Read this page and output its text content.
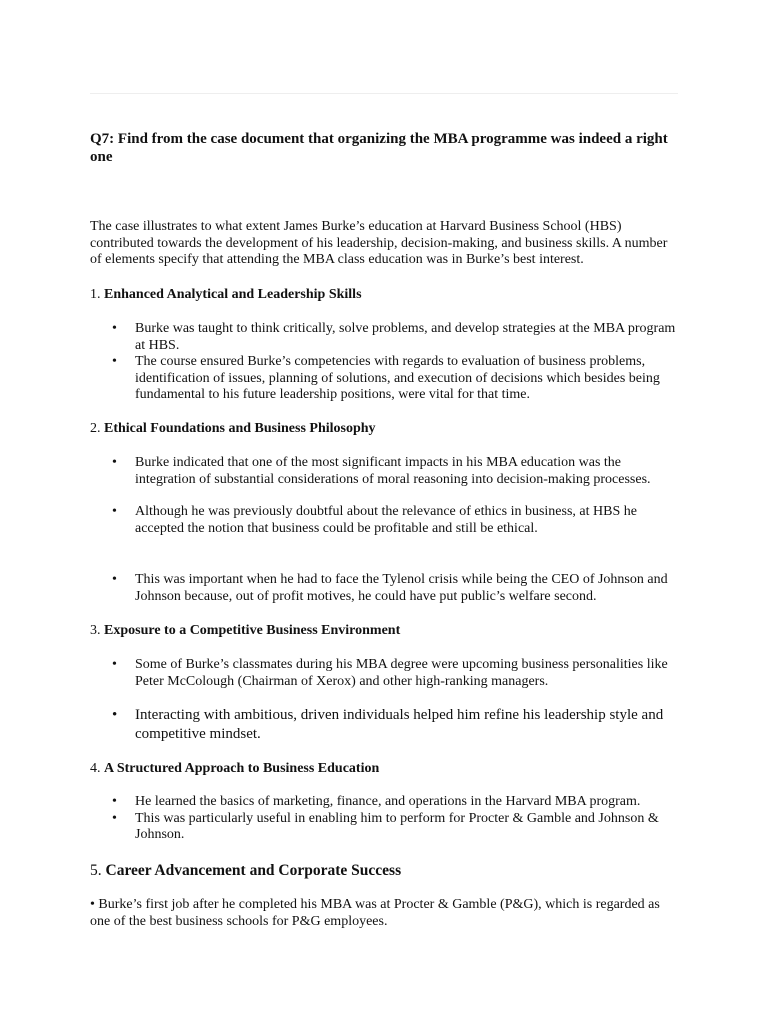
Q7: Find from the case document that organizing the MBA programme was indeed a right one
The case illustrates to what extent James Burke’s education at Harvard Business School (HBS) contributed towards the development of his leadership, decision-making, and business skills. A number of elements specify that attending the MBA class education was in Burke’s best interest.
1. Enhanced Analytical and Leadership Skills
• Burke was taught to think critically, solve problems, and develop strategies at the MBA program at HBS.
• The course ensured Burke’s competencies with regards to evaluation of business problems, identification of issues, planning of solutions, and execution of decisions which besides being fundamental to his future leadership positions, were vital for that time.
2. Ethical Foundations and Business Philosophy
• Burke indicated that one of the most significant impacts in his MBA education was the integration of substantial considerations of moral reasoning into decision-making processes.
• Although he was previously doubtful about the relevance of ethics in business, at HBS he accepted the notion that business could be profitable and still be ethical.
• This was important when he had to face the Tylenol crisis while being the CEO of Johnson and Johnson because, out of profit motives, he could have put public’s welfare second.
3. Exposure to a Competitive Business Environment
• Some of Burke’s classmates during his MBA degree were upcoming business personalities like Peter McColough (Chairman of Xerox) and other high-ranking managers.
• Interacting with ambitious, driven individuals helped him refine his leadership style and competitive mindset.
4. A Structured Approach to Business Education
• He learned the basics of marketing, finance, and operations in the Harvard MBA program.
• This was particularly useful in enabling him to perform for Procter & Gamble and Johnson & Johnson.
5. Career Advancement and Corporate Success
• Burke’s first job after he completed his MBA was at Procter & Gamble (P&G), which is regarded as one of the best business schools for P&G employees.
